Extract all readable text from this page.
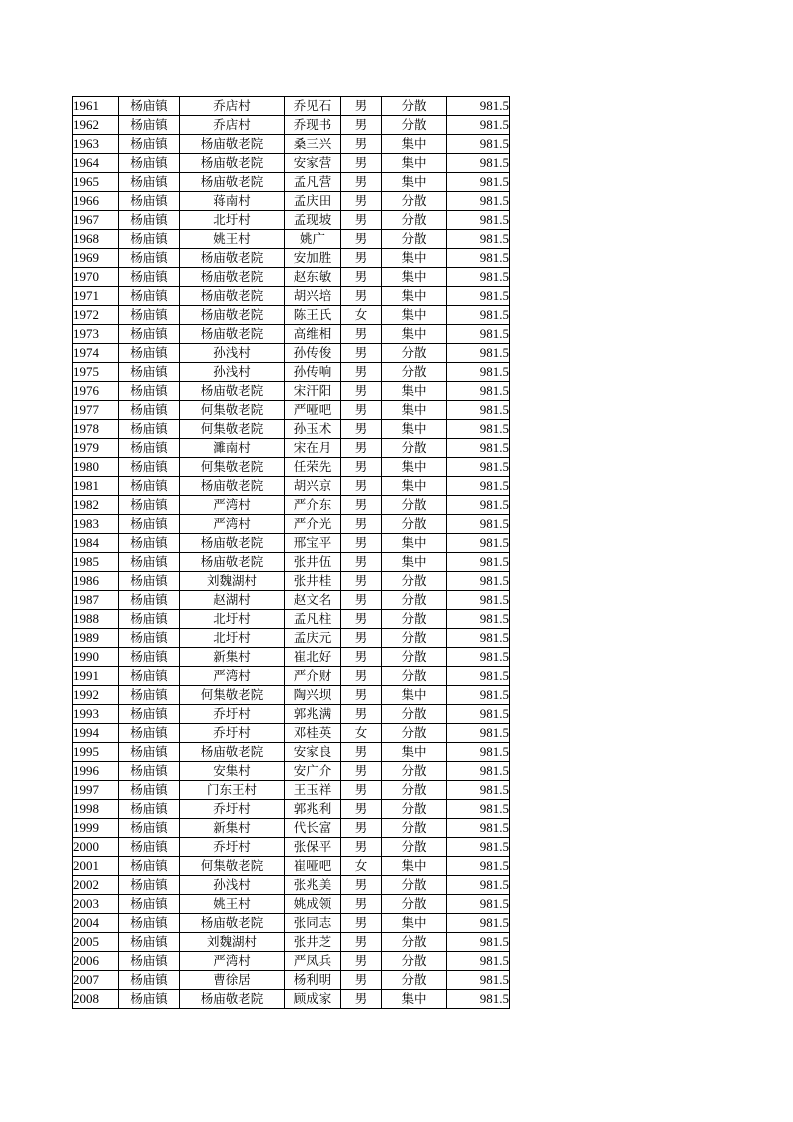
1961	杨庙镇	乔店村	乔见石	男	分散	981.5
1962	杨庙镇	乔店村	乔现书	男	分散	981.5
1963	杨庙镇	杨庙敬老院	桑三兴	男	集中	981.5
1964	杨庙镇	杨庙敬老院	安家营	男	集中	981.5
1965	杨庙镇	杨庙敬老院	孟凡营	男	集中	981.5
1966	杨庙镇	蒋南村	孟庆田	男	分散	981.5
1967	杨庙镇	北圩村	孟现坡	男	分散	981.5
1968	杨庙镇	姚王村	姚广	男	分散	981.5
1969	杨庙镇	杨庙敬老院	安加胜	男	集中	981.5
1970	杨庙镇	杨庙敬老院	赵东敏	男	集中	981.5
1971	杨庙镇	杨庙敬老院	胡兴培	男	集中	981.5
1972	杨庙镇	杨庙敬老院	陈王氏	女	集中	981.5
1973	杨庙镇	杨庙敬老院	高维相	男	集中	981.5
1974	杨庙镇	孙浅村	孙传俊	男	分散	981.5
1975	杨庙镇	孙浅村	孙传响	男	分散	981.5
1976	杨庙镇	杨庙敬老院	宋汗阳	男	集中	981.5
1977	杨庙镇	何集敬老院	严哑吧	男	集中	981.5
1978	杨庙镇	何集敬老院	孙玉术	男	集中	981.5
1979	杨庙镇	濉南村	宋在月	男	分散	981.5
1980	杨庙镇	何集敬老院	任荣先	男	集中	981.5
1981	杨庙镇	杨庙敬老院	胡兴京	男	集中	981.5
1982	杨庙镇	严湾村	严介东	男	分散	981.5
1983	杨庙镇	严湾村	严介光	男	分散	981.5
1984	杨庙镇	杨庙敬老院	邢宝平	男	集中	981.5
1985	杨庙镇	杨庙敬老院	张井伍	男	集中	981.5
1986	杨庙镇	刘魏湖村	张井桂	男	分散	981.5
1987	杨庙镇	赵湖村	赵文名	男	分散	981.5
1988	杨庙镇	北圩村	孟凡柱	男	分散	981.5
1989	杨庙镇	北圩村	孟庆元	男	分散	981.5
1990	杨庙镇	新集村	崔北好	男	分散	981.5
1991	杨庙镇	严湾村	严介财	男	分散	981.5
1992	杨庙镇	何集敬老院	陶兴坝	男	集中	981.5
1993	杨庙镇	乔圩村	郭兆满	男	分散	981.5
1994	杨庙镇	乔圩村	邓桂英	女	分散	981.5
1995	杨庙镇	杨庙敬老院	安家良	男	集中	981.5
1996	杨庙镇	安集村	安广介	男	分散	981.5
1997	杨庙镇	门东王村	王玉祥	男	分散	981.5
1998	杨庙镇	乔圩村	郭兆利	男	分散	981.5
1999	杨庙镇	新集村	代长富	男	分散	981.5
2000	杨庙镇	乔圩村	张保平	男	分散	981.5
2001	杨庙镇	何集敬老院	崔哑吧	女	集中	981.5
2002	杨庙镇	孙浅村	张兆美	男	分散	981.5
2003	杨庙镇	姚王村	姚成领	男	分散	981.5
2004	杨庙镇	杨庙敬老院	张同志	男	集中	981.5
2005	杨庙镇	刘魏湖村	张井芝	男	分散	981.5
2006	杨庙镇	严湾村	严凤兵	男	分散	981.5
2007	杨庙镇	曹徐居	杨利明	男	分散	981.5
2008	杨庙镇	杨庙敬老院	顾成家	男	集中	981.5
